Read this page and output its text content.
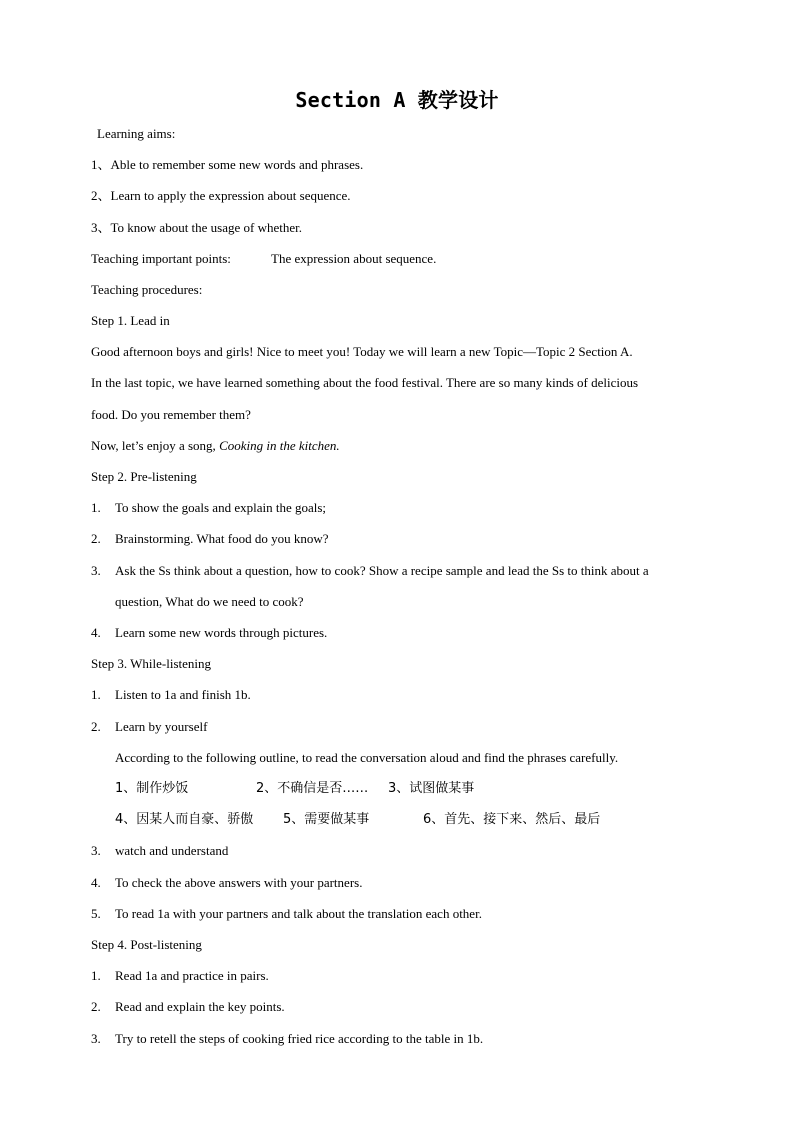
Section A 教学设计
Learning aims:
1、Able to remember some new words and phrases.
2、Learn to apply the expression about sequence.
3、To know about the usage of whether.
Teaching important points:	The expression about sequence.
Teaching procedures:
Step 1. Lead in
Good afternoon boys and girls! Nice to meet you! Today we will learn a new Topic—Topic 2 Section A.
In the last topic, we have learned something about the food festival. There are so many kinds of delicious
food. Do you remember them?
Now, let’s enjoy a song, Cooking in the kitchen.
Step 2. Pre-listening
1. To show the goals and explain the goals;
2. Brainstorming. What food do you know?
3. Ask the Ss think about a question, how to cook? Show a recipe sample and lead the Ss to think about a
question, What do we need to cook?
4. Learn some new words through pictures.
Step 3. While-listening
1. Listen to 1a and finish 1b.
2. Learn by yourself
According to the following outline, to read the conversation aloud and find the phrases carefully.
1、制作炒饭	2、不确信是否…… 3、试图做某事
4、因某人而自豪、骄傲 5、需要做某事	6、首先、接下来、然后、最后
3. watch and understand
4. To check the above answers with your partners.
5. To read 1a with your partners and talk about the translation each other.
Step 4. Post-listening
1. Read 1a and practice in pairs.
2. Read and explain the key points.
3. Try to retell the steps of cooking fried rice according to the table in 1b.
